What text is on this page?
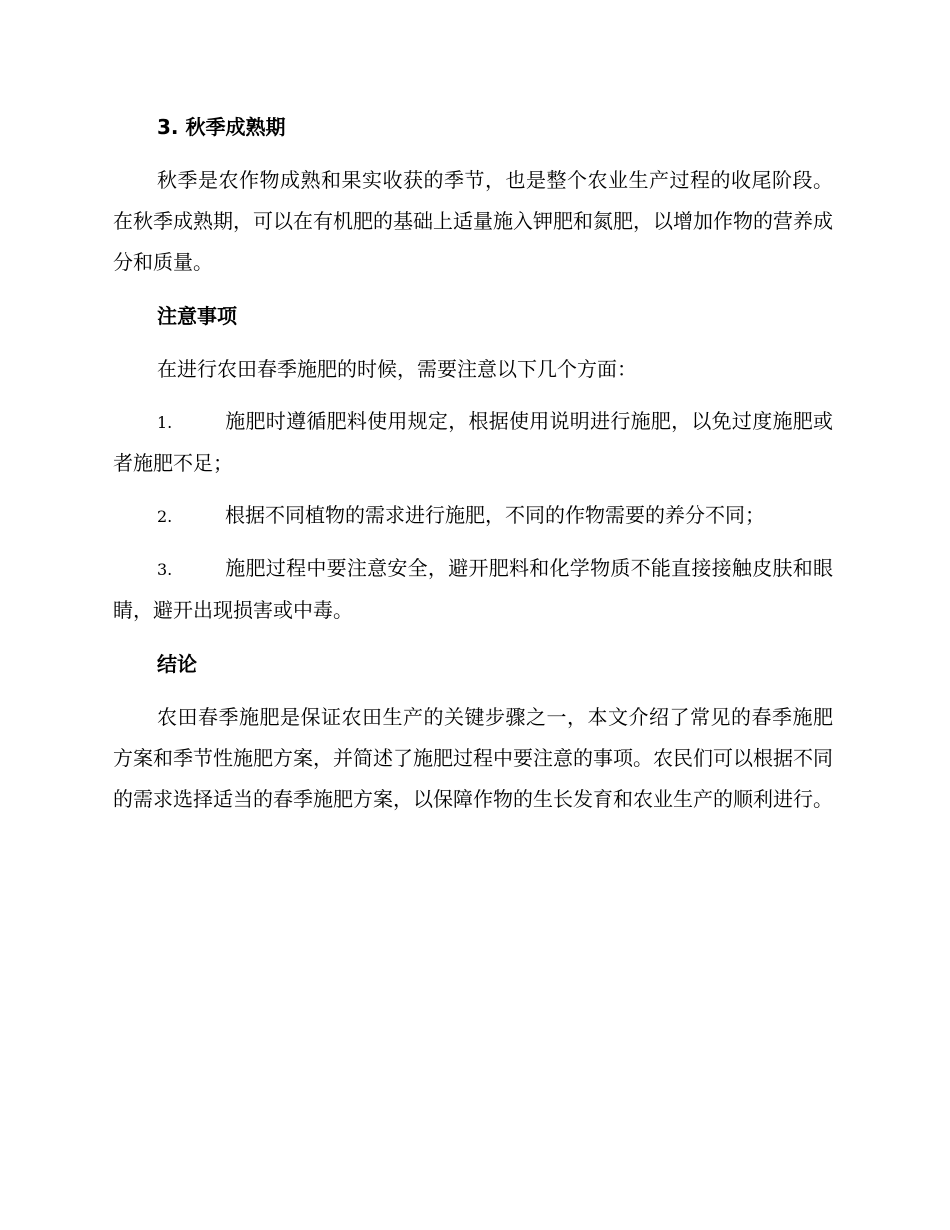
3. 秋季成熟期

秋季是农作物成熟和果实收获的季节，也是整个农业生产过程的收尾阶段。在秋季成熟期，可以在有机肥的基础上适量施入钾肥和氮肥，以增加作物的营养成分和质量。

注意事项

在进行农田春季施肥的时候，需要注意以下几个方面：

1.	施肥时遵循肥料使用规定，根据使用说明进行施肥，以免过度施肥或者施肥不足；

2.	根据不同植物的需求进行施肥，不同的作物需要的养分不同；

3.	施肥过程中要注意安全，避开肥料和化学物质不能直接接触皮肤和眼睛，避开出现损害或中毒。

结论

农田春季施肥是保证农田生产的关键步骤之一，本文介绍了常见的春季施肥方案和季节性施肥方案，并简述了施肥过程中要注意的事项。农民们可以根据不同的需求选择适当的春季施肥方案，以保障作物的生长发育和农业生产的顺利进行。
